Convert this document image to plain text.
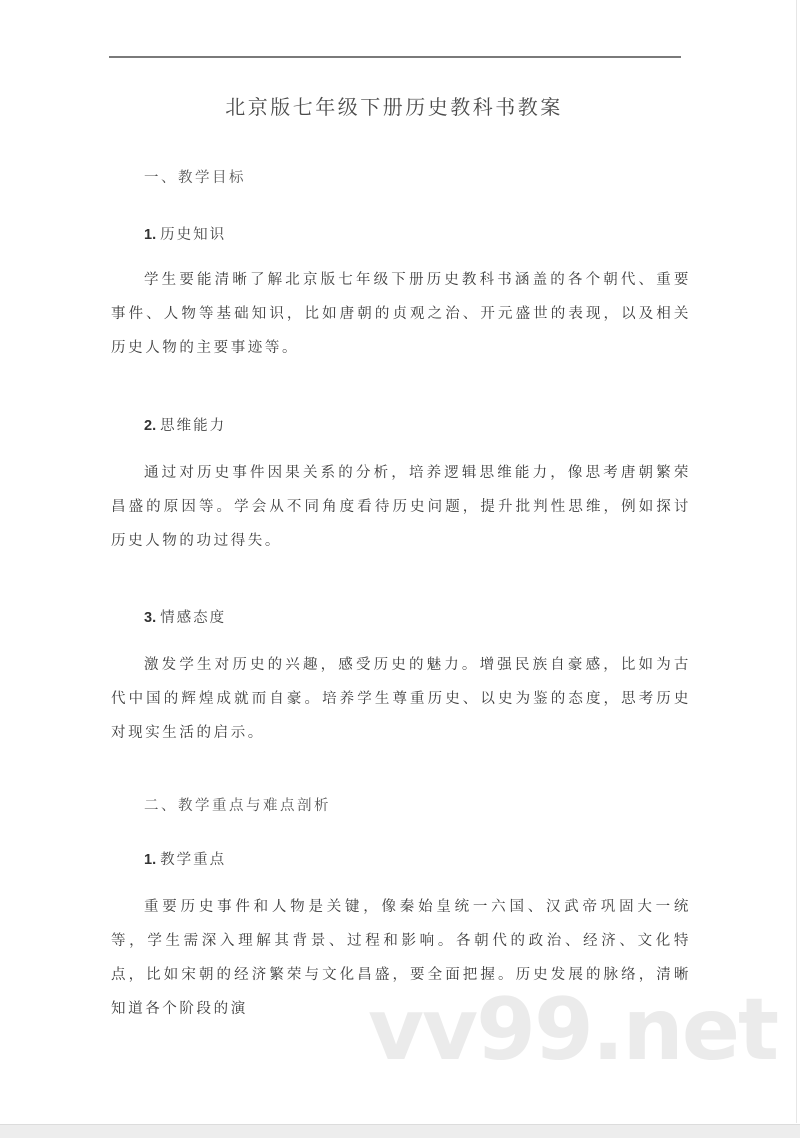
vv99.net
北京版七年级下册历史教科书教案
一、教学目标
1. 历史知识
学生要能清晰了解北京版七年级下册历史教科书涵盖的各个朝代、重要事件、人物等基础知识，比如唐朝的贞观之治、开元盛世的表现，以及相关历史人物的主要事迹等。
2. 思维能力
通过对历史事件因果关系的分析，培养逻辑思维能力，像思考唐朝繁荣昌盛的原因等。学会从不同角度看待历史问题，提升批判性思维，例如探讨历史人物的功过得失。
3. 情感态度
激发学生对历史的兴趣，感受历史的魅力。增强民族自豪感，比如为古代中国的辉煌成就而自豪。培养学生尊重历史、以史为鉴的态度，思考历史对现实生活的启示。
二、教学重点与难点剖析
1. 教学重点
重要历史事件和人物是关键，像秦始皇统一六国、汉武帝巩固大一统等，学生需深入理解其背景、过程和影响。各朝代的政治、经济、文化特点，比如宋朝的经济繁荣与文化昌盛，要全面把握。历史发展的脉络，清晰知道各个阶段的演
